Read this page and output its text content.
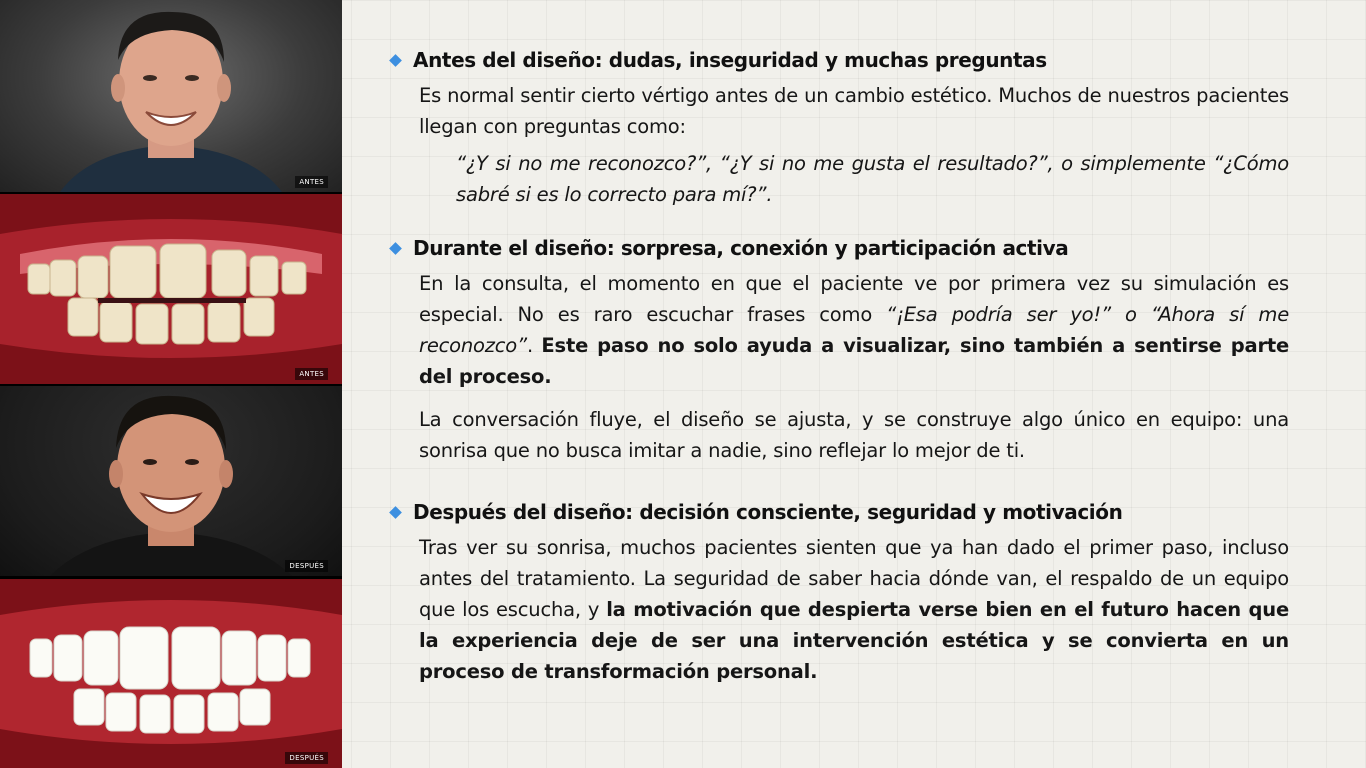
ANTES
ANTES
DESPUÉS
DESPUÉS
Antes del diseño: dudas, inseguridad y muchas preguntas
Es normal sentir cierto vértigo antes de un cambio estético. Muchos de nuestros pacientes llegan con preguntas como:
“¿Y si no me reconozco?”, “¿Y si no me gusta el resultado?”, o simplemente “¿Cómo sabré si es lo correcto para mí?”.
Durante el diseño: sorpresa, conexión y participación activa
En la consulta, el momento en que el paciente ve por primera vez su simulación es especial. No es raro escuchar frases como “¡Esa podría ser yo!” o “Ahora sí me reconozco”. Este paso no solo ayuda a visualizar, sino también a sentirse parte del proceso.
La conversación fluye, el diseño se ajusta, y se construye algo único en equipo: una sonrisa que no busca imitar a nadie, sino reflejar lo mejor de ti.
Después del diseño: decisión consciente, seguridad y motivación
Tras ver su sonrisa, muchos pacientes sienten que ya han dado el primer paso, incluso antes del tratamiento. La seguridad de saber hacia dónde van, el respaldo de un equipo que los escucha, y la motivación que despierta verse bien en el futuro hacen que la experiencia deje de ser una intervención estética y se convierta en un proceso de transformación personal.
